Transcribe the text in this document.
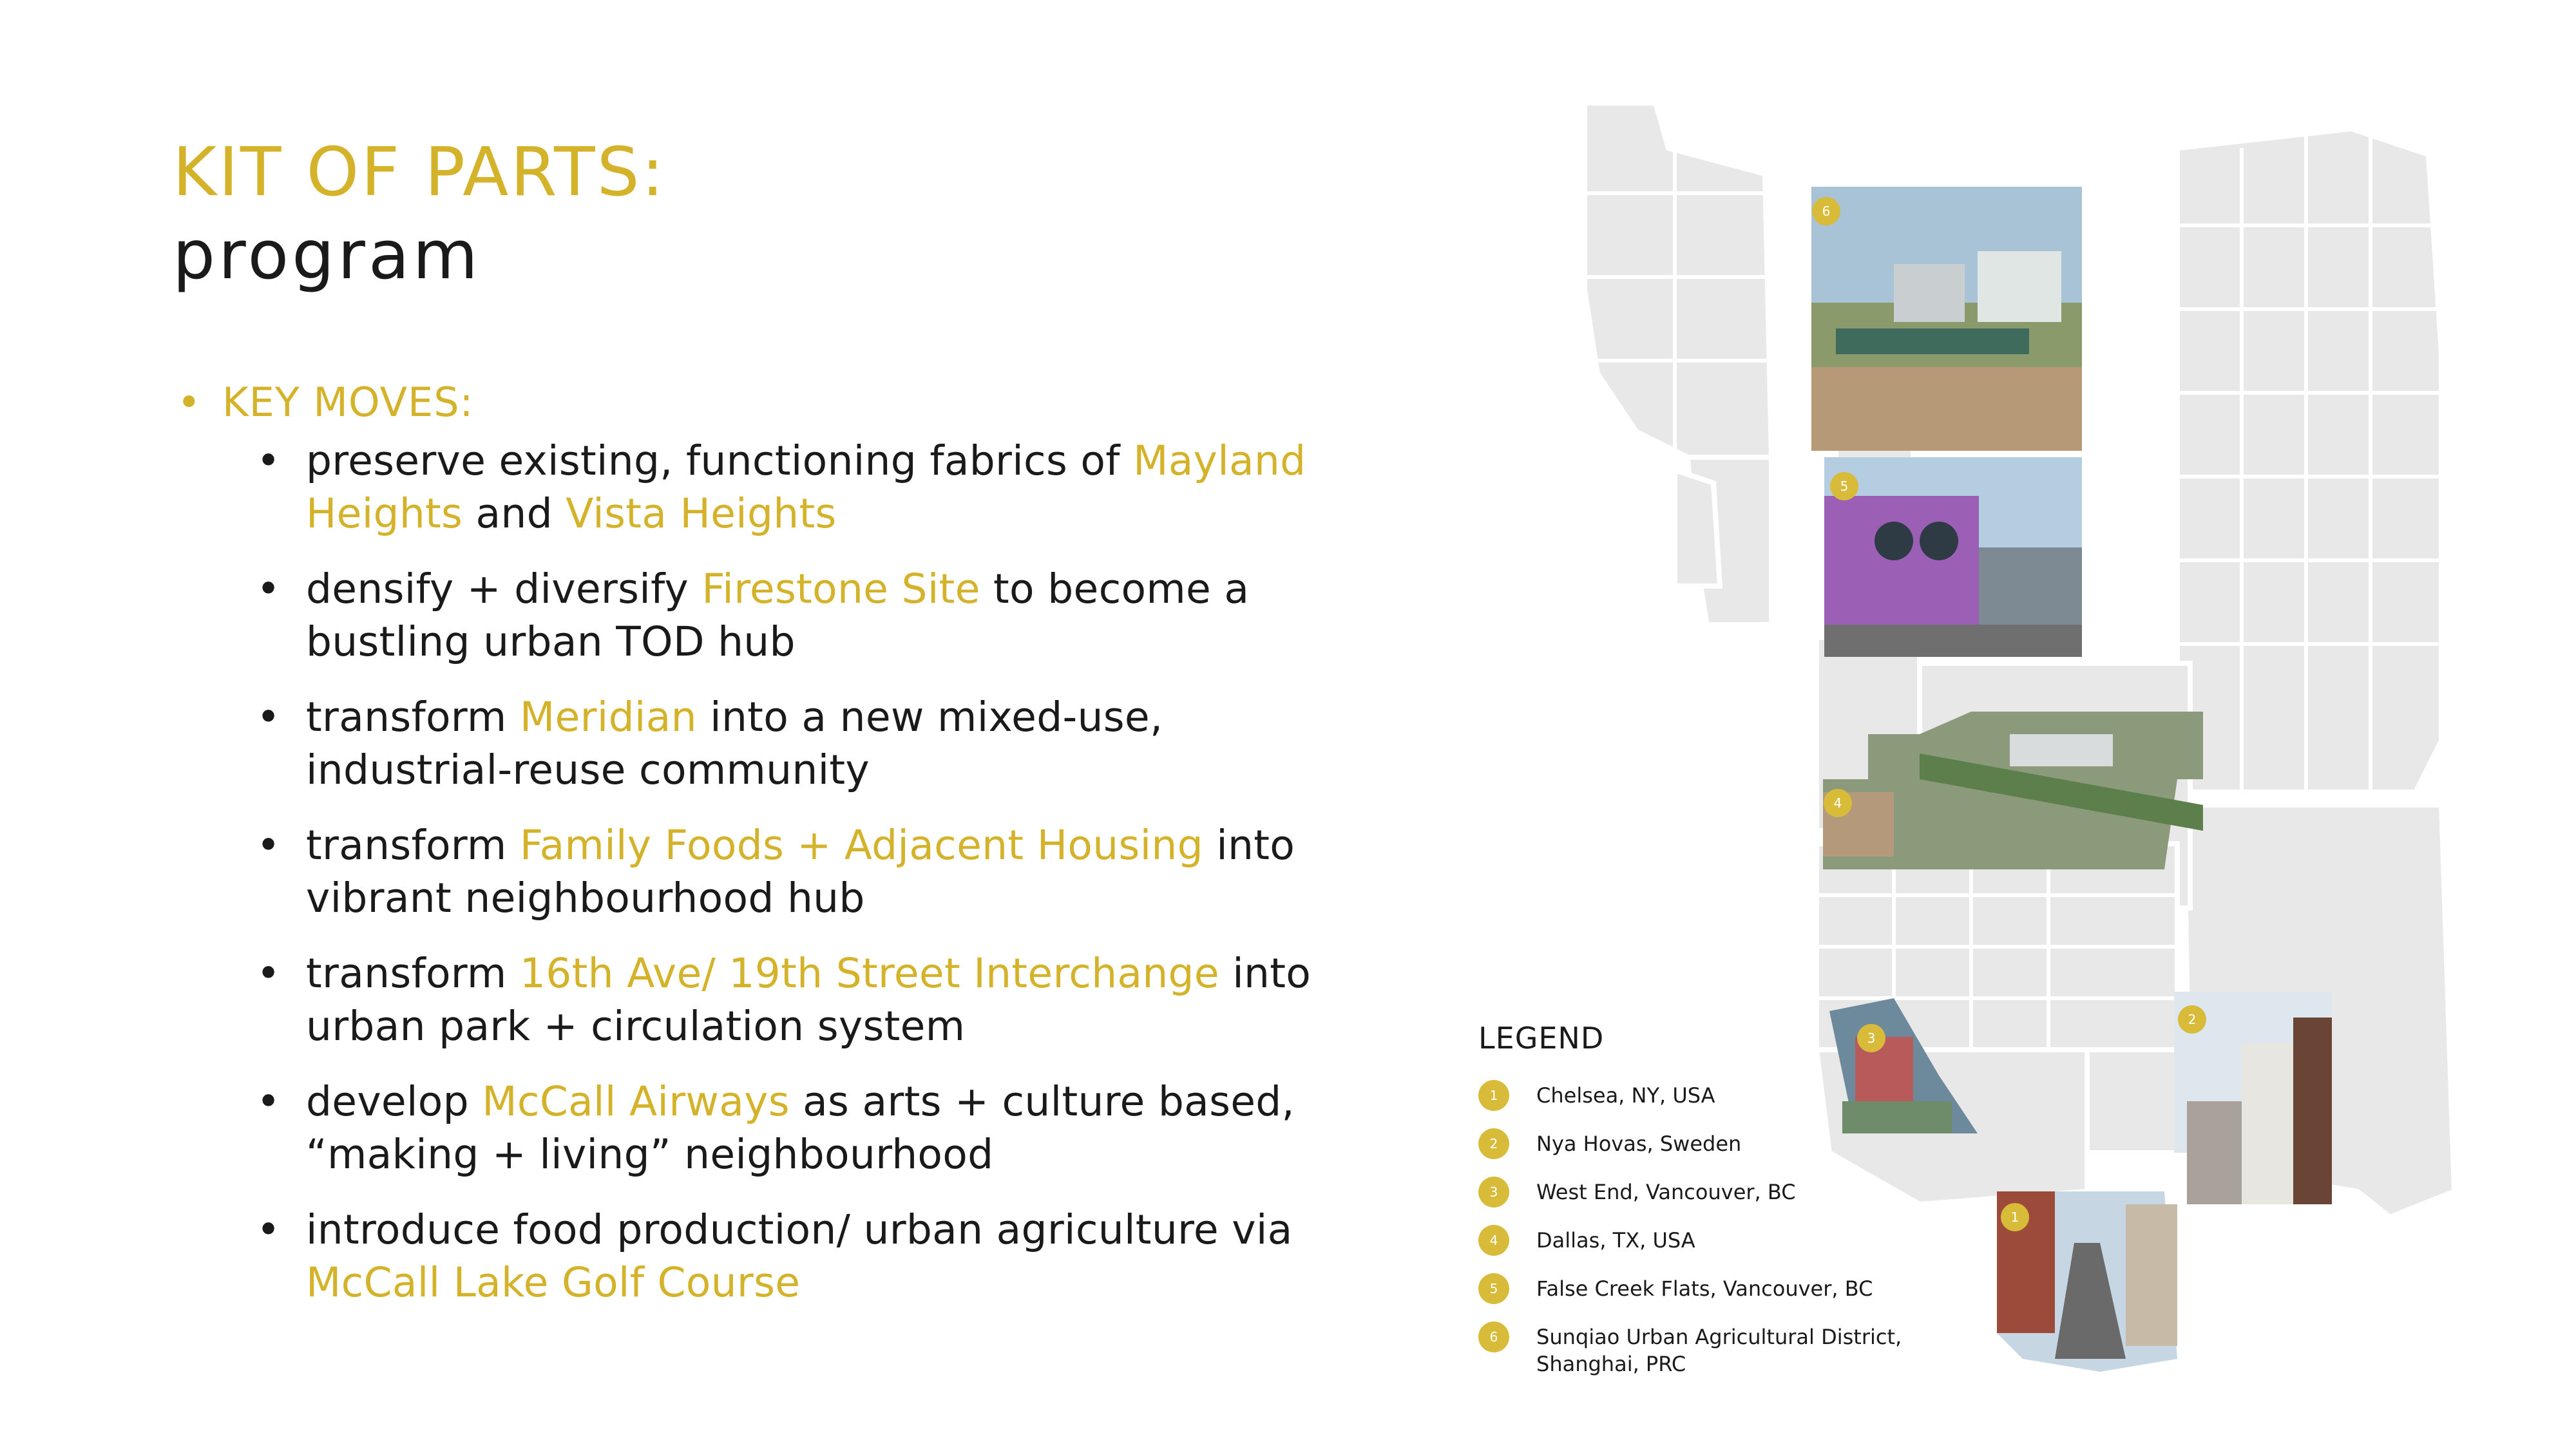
KIT OF PARTS:
program
• KEY MOVES:
• preserve existing, functioning fabrics of Mayland Heights and Vista Heights
• densify + diversify Firestone Site to become a bustling urban TOD hub
• transform Meridian into a new mixed-use, industrial-reuse community
• transform Family Foods + Adjacent Housing into vibrant neighbourhood hub
• transform 16th Ave/ 19th Street Interchange into urban park + circulation system
• develop McCall Airways as arts + culture based, “making + living” neighbourhood
• introduce food production/ urban agriculture via McCall Lake Golf Course
6
5
4
3
2
1
LEGEND
1	Chelsea, NY, USA
2	Nya Hovas, Sweden
3	West End, Vancouver, BC
4	Dallas, TX, USA
5	False Creek Flats, Vancouver, BC
6	Sunqiao Urban Agricultural District, Shanghai, PRC
